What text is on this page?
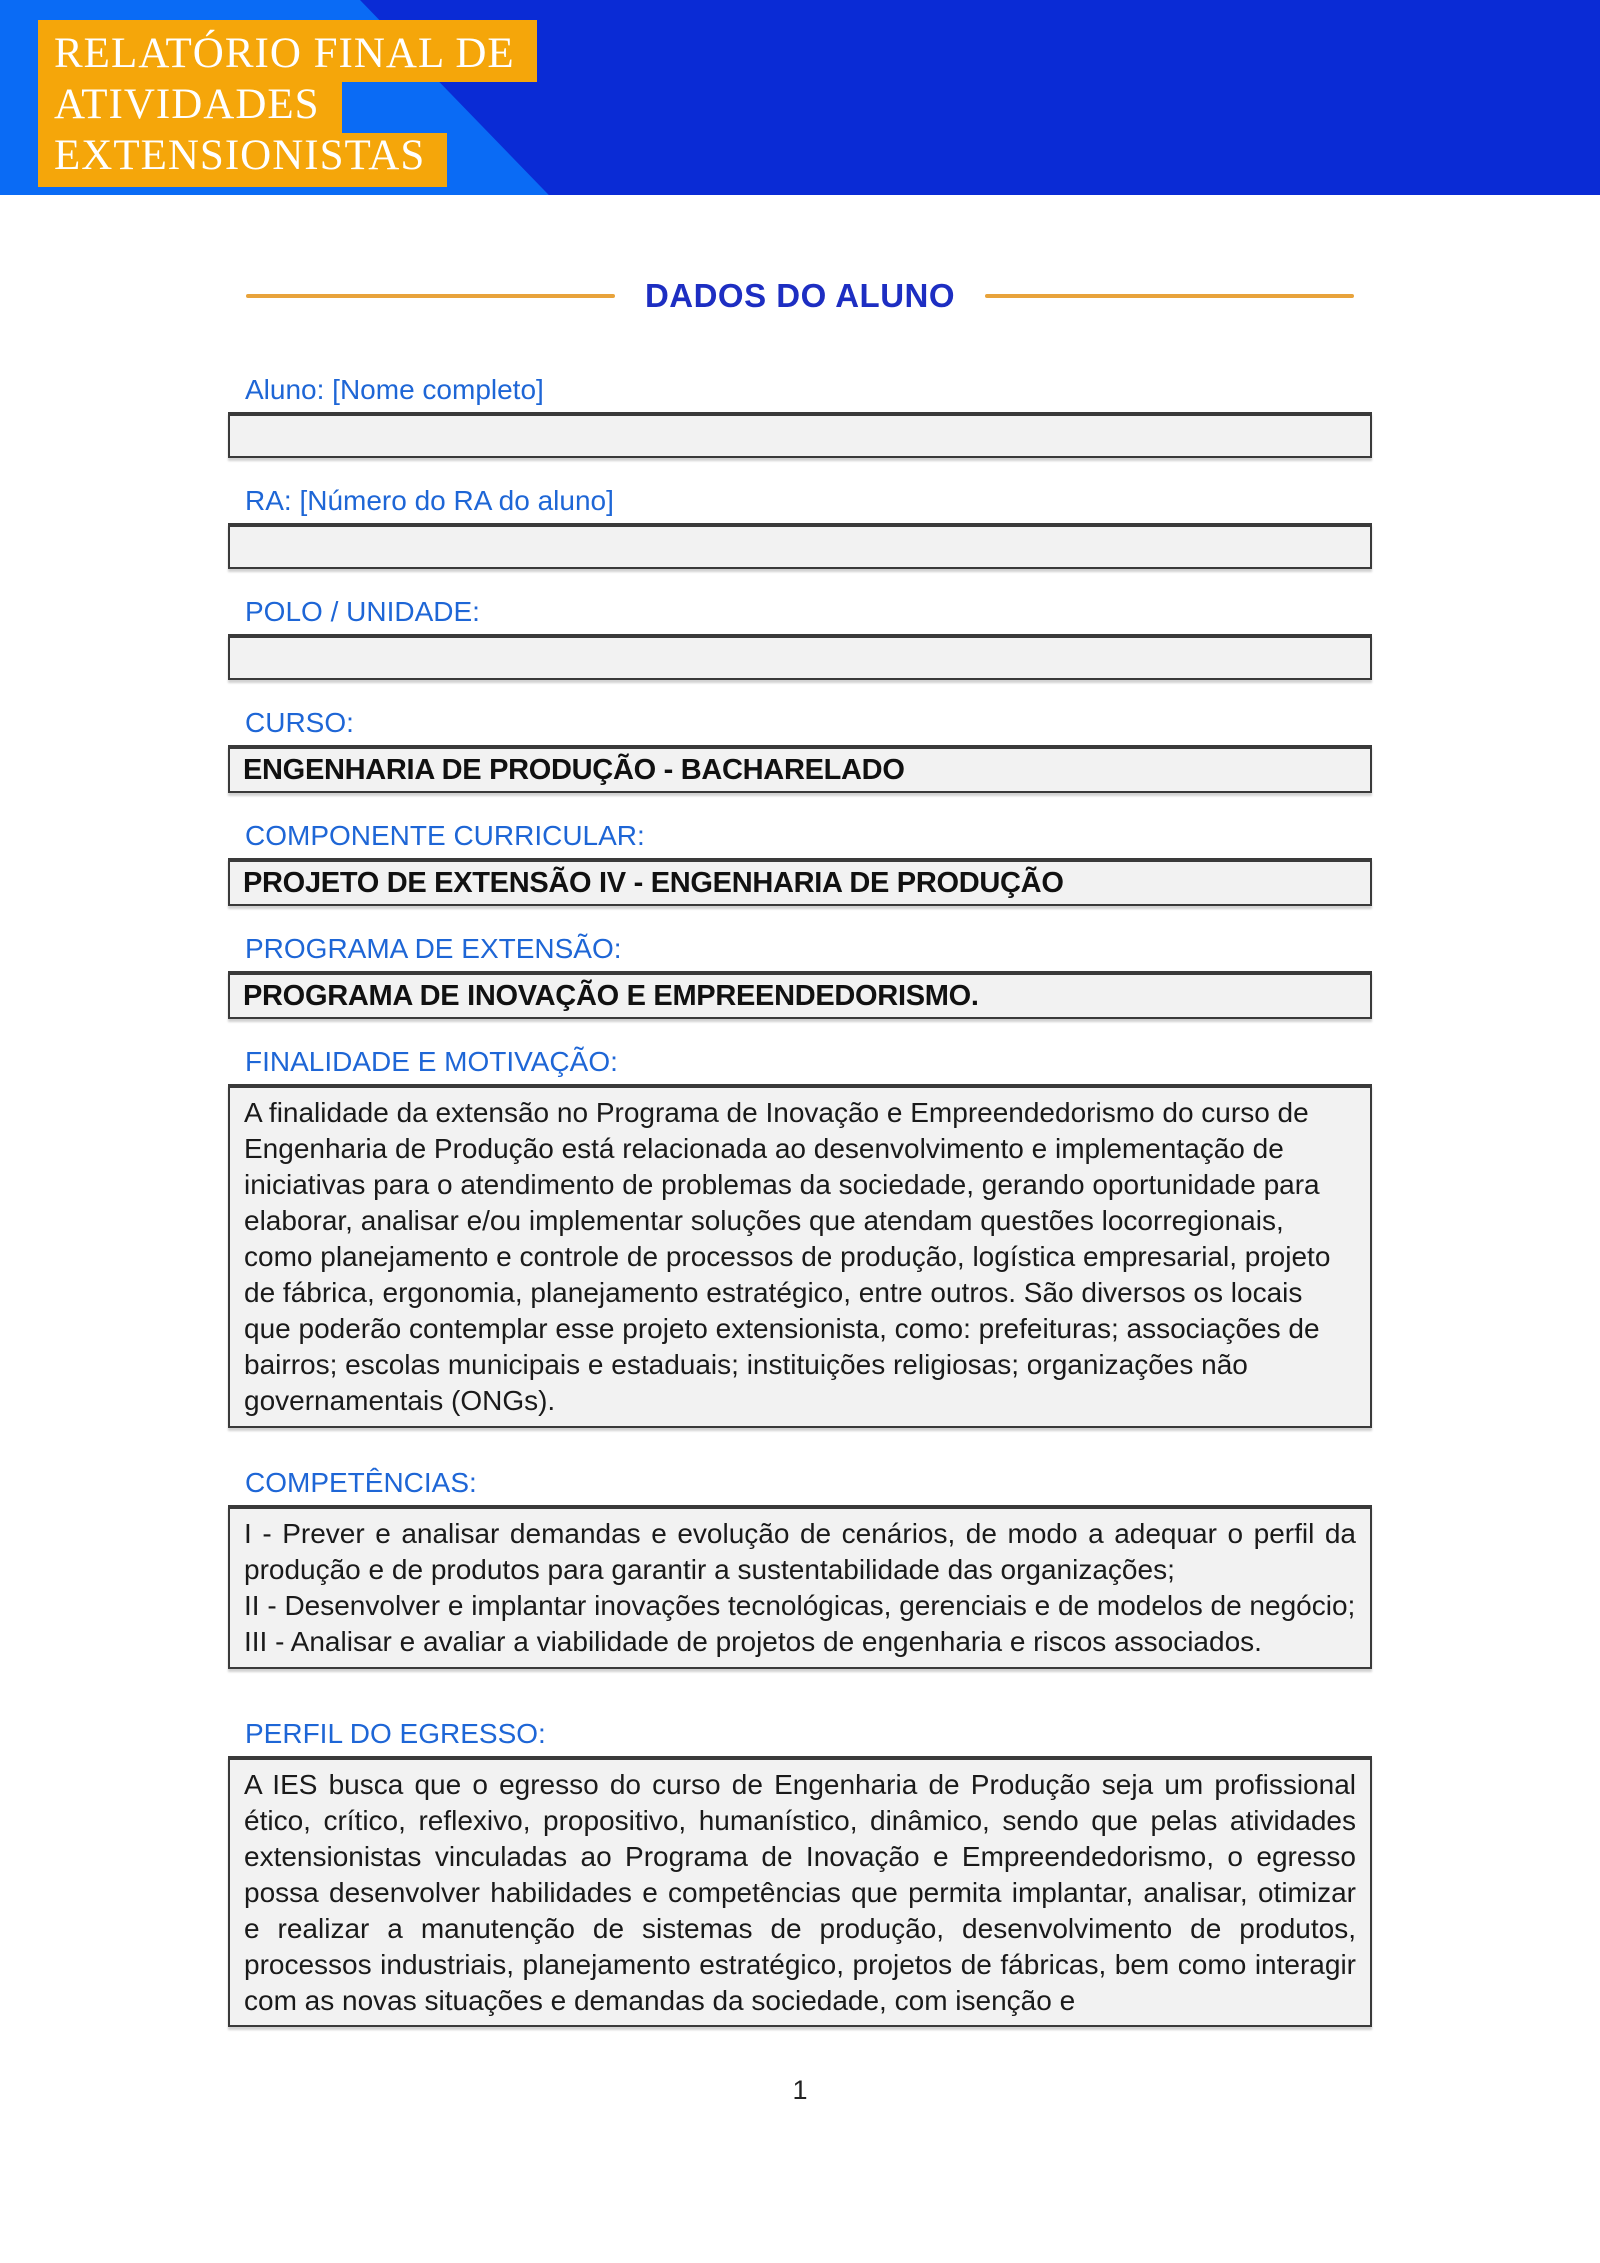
RELATÓRIO FINAL DE
ATIVIDADES
EXTENSIONISTAS
DADOS DO ALUNO
Aluno: [Nome completo]
RA: [Número do RA do aluno]
POLO / UNIDADE:
CURSO:
ENGENHARIA DE PRODUÇÃO - BACHARELADO
COMPONENTE CURRICULAR:
PROJETO DE EXTENSÃO IV - ENGENHARIA DE PRODUÇÃO
PROGRAMA DE EXTENSÃO:
PROGRAMA DE INOVAÇÃO E EMPREENDEDORISMO.
FINALIDADE E MOTIVAÇÃO:
A finalidade da extensão no Programa de Inovação e Empreendedorismo do curso de Engenharia de Produção está relacionada ao desenvolvimento e implementação de iniciativas para o atendimento de problemas da sociedade, gerando oportunidade para elaborar, analisar e/ou implementar soluções que atendam questões locorregionais, como planejamento e controle de processos de produção, logística empresarial, projeto de fábrica, ergonomia, planejamento estratégico, entre outros. São diversos os locais que poderão contemplar esse projeto extensionista, como: prefeituras; associações de bairros; escolas municipais e estaduais; instituições religiosas; organizações não governamentais (ONGs).
COMPETÊNCIAS:

I - Prever e analisar demandas e evolução de cenários, de modo a adequar o perfil da produção e de produtos para garantir a sustentabilidade das organizações;

II - Desenvolver e implantar inovações tecnológicas, gerenciais e de modelos de negócio;

III - Analisar e avaliar a viabilidade de projetos de engenharia e riscos associados.

PERFIL DO EGRESSO:
A IES busca que o egresso do curso de Engenharia de Produção seja um profissional ético, crítico, reflexivo, propositivo, humanístico, dinâmico, sendo que pelas atividades extensionistas vinculadas ao Programa de Inovação e Empreendedorismo, o egresso possa desenvolver habilidades e competências que permita implantar, analisar, otimizar e realizar a manutenção de sistemas de produção, desenvolvimento de produtos, processos industriais, planejamento estratégico, projetos de fábricas, bem como interagir com as novas situações e demandas da sociedade, com isenção e
1
